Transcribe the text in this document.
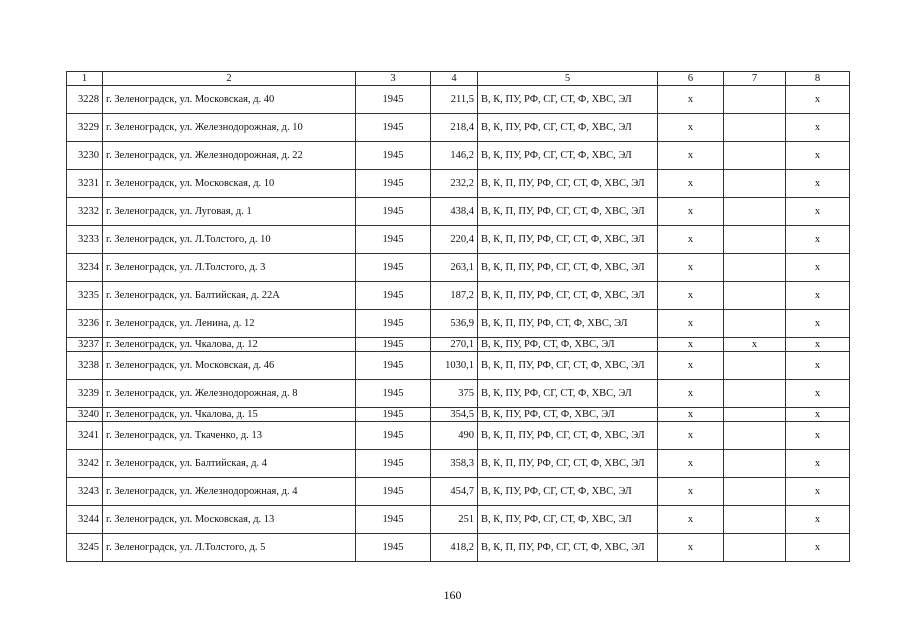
1	2	3	4	5	6	7	8
3228	г. Зеленоградск, ул. Московская, д. 40	1945	211,5	В, К, ПУ, РФ, СГ, СТ, Ф, ХВС, ЭЛ	х		х
3229	г. Зеленоградск, ул. Железнодорожная, д. 10	1945	218,4	В, К, ПУ, РФ, СГ, СТ, Ф, ХВС, ЭЛ	х		х
3230	г. Зеленоградск, ул. Железнодорожная, д. 22	1945	146,2	В, К, ПУ, РФ, СГ, СТ, Ф, ХВС, ЭЛ	х		х
3231	г. Зеленоградск, ул. Московская, д. 10	1945	232,2	В, К, П, ПУ, РФ, СГ, СТ, Ф, ХВС, ЭЛ	х		х
3232	г. Зеленоградск, ул. Луговая, д. 1	1945	438,4	В, К, П, ПУ, РФ, СГ, СТ, Ф, ХВС, ЭЛ	х		х
3233	г. Зеленоградск, ул. Л.Толстого, д. 10	1945	220,4	В, К, П, ПУ, РФ, СГ, СТ, Ф, ХВС, ЭЛ	х		х
3234	г. Зеленоградск, ул. Л.Толстого, д. 3	1945	263,1	В, К, П, ПУ, РФ, СГ, СТ, Ф, ХВС, ЭЛ	х		х
3235	г. Зеленоградск, ул. Балтийская, д. 22А	1945	187,2	В, К, П, ПУ, РФ, СГ, СТ, Ф, ХВС, ЭЛ	х		х
3236	г. Зеленоградск, ул. Ленина, д. 12	1945	536,9	В, К, П, ПУ, РФ, СТ, Ф, ХВС, ЭЛ	х		х
3237	г. Зеленоградск, ул. Чкалова, д. 12	1945	270,1	В, К, ПУ, РФ, СТ, Ф, ХВС, ЭЛ	х	х	х
3238	г. Зеленоградск, ул. Московская, д. 46	1945	1030,1	В, К, П, ПУ, РФ, СГ, СТ, Ф, ХВС, ЭЛ	х		х
3239	г. Зеленоградск, ул. Железнодорожная, д. 8	1945	375	В, К, ПУ, РФ, СГ, СТ, Ф, ХВС, ЭЛ	х		х
3240	г. Зеленоградск, ул. Чкалова, д. 15	1945	354,5	В, К, ПУ, РФ, СТ, Ф, ХВС, ЭЛ	х		х
3241	г. Зеленоградск, ул. Ткаченко, д. 13	1945	490	В, К, П, ПУ, РФ, СГ, СТ, Ф, ХВС, ЭЛ	х		х
3242	г. Зеленоградск, ул. Балтийская, д. 4	1945	358,3	В, К, П, ПУ, РФ, СГ, СТ, Ф, ХВС, ЭЛ	х		х
3243	г. Зеленоградск, ул. Железнодорожная, д. 4	1945	454,7	В, К, ПУ, РФ, СГ, СТ, Ф, ХВС, ЭЛ	х		х
3244	г. Зеленоградск, ул. Московская, д. 13	1945	251	В, К, ПУ, РФ, СГ, СТ, Ф, ХВС, ЭЛ	х		х
3245	г. Зеленоградск, ул. Л.Толстого, д. 5	1945	418,2	В, К, П, ПУ, РФ, СГ, СТ, Ф, ХВС, ЭЛ	х		х
160
